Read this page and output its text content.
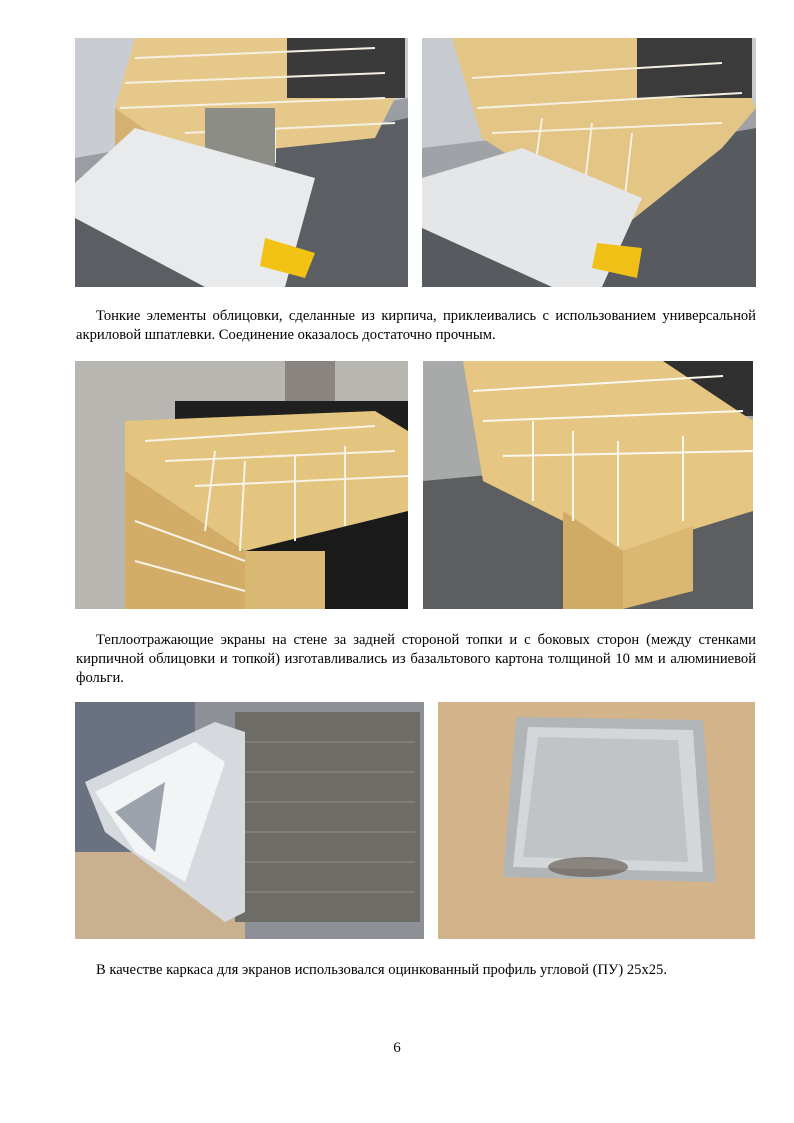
Тонкие элементы облицовки, сделанные из кирпича, приклеивались с использованием универсальной акриловой шпатлевки. Соединение оказалось достаточно прочным.

Теплоотражающие экраны на стене за задней стороной топки и с боковых сторон (между стенками кирпичной облицовки и топкой) изготавливались из базальтового картона толщиной 10 мм и алюминиевой фольги.

В качестве каркаса для экранов использовался оцинкованный профиль угловой (ПУ) 25х25.

6
